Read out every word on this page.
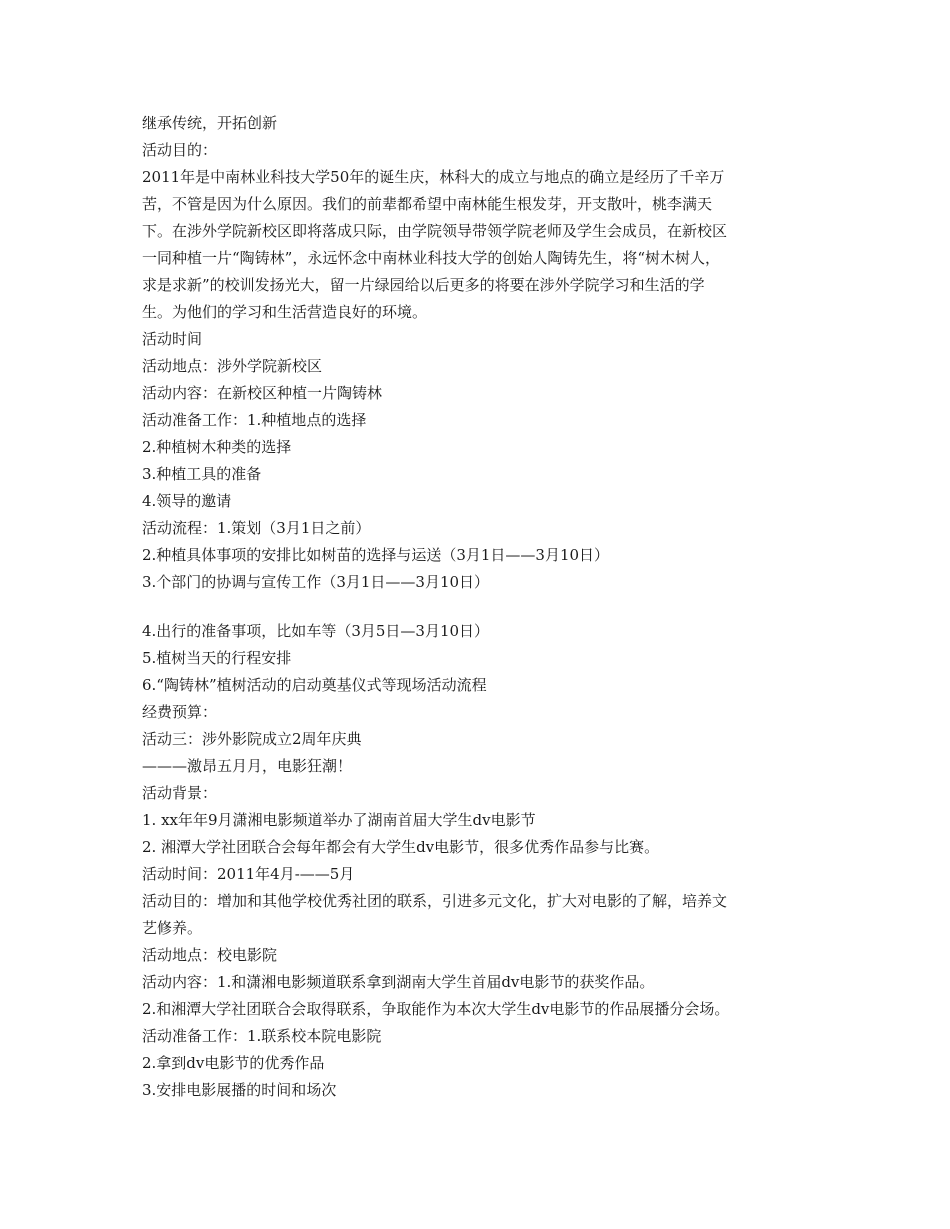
继承传统，开拓创新
活动目的：
2011年是中南林业科技大学50年的诞生庆，林科大的成立与地点的确立是经历了千辛万
苦，不管是因为什么原因。我们的前辈都希望中南林能生根发芽，开支散叶，桃李满天
下。在涉外学院新校区即将落成只际，由学院领导带领学院老师及学生会成员，在新校区
一同种植一片“陶铸林”，永远怀念中南林业科技大学的创始人陶铸先生，将“树木树人，
求是求新”的校训发扬光大，留一片绿园给以后更多的将要在涉外学院学习和生活的学
生。为他们的学习和生活营造良好的环境。
活动时间
活动地点：涉外学院新校区
活动内容：在新校区种植一片陶铸林
活动准备工作：1.种植地点的选择
2.种植树木种类的选择
3.种植工具的准备
4.领导的邀请
活动流程：1.策划（3月1日之前）
2.种植具体事项的安排比如树苗的选择与运送（3月1日——3月10日）
3.个部门的协调与宣传工作（3月1日——3月10日）
4.出行的准备事项，比如车等（3月5日—3月10日）
5.植树当天的行程安排
6.“陶铸林”植树活动的启动奠基仪式等现场活动流程
经费预算：
活动三：涉外影院成立2周年庆典
———激昂五月月，电影狂潮！
活动背景：
1. xx年年9月潇湘电影频道举办了湖南首届大学生dv电影节
2. 湘潭大学社团联合会每年都会有大学生dv电影节，很多优秀作品参与比赛。
活动时间：2011年4月-——5月
活动目的：增加和其他学校优秀社团的联系，引进多元文化，扩大对电影的了解，培养文
艺修养。
活动地点：校电影院
活动内容：1.和潇湘电影频道联系拿到湖南大学生首届dv电影节的获奖作品。
2.和湘潭大学社团联合会取得联系，争取能作为本次大学生dv电影节的作品展播分会场。
活动准备工作：1.联系校本院电影院
2.拿到dv电影节的优秀作品
3.安排电影展播的时间和场次
